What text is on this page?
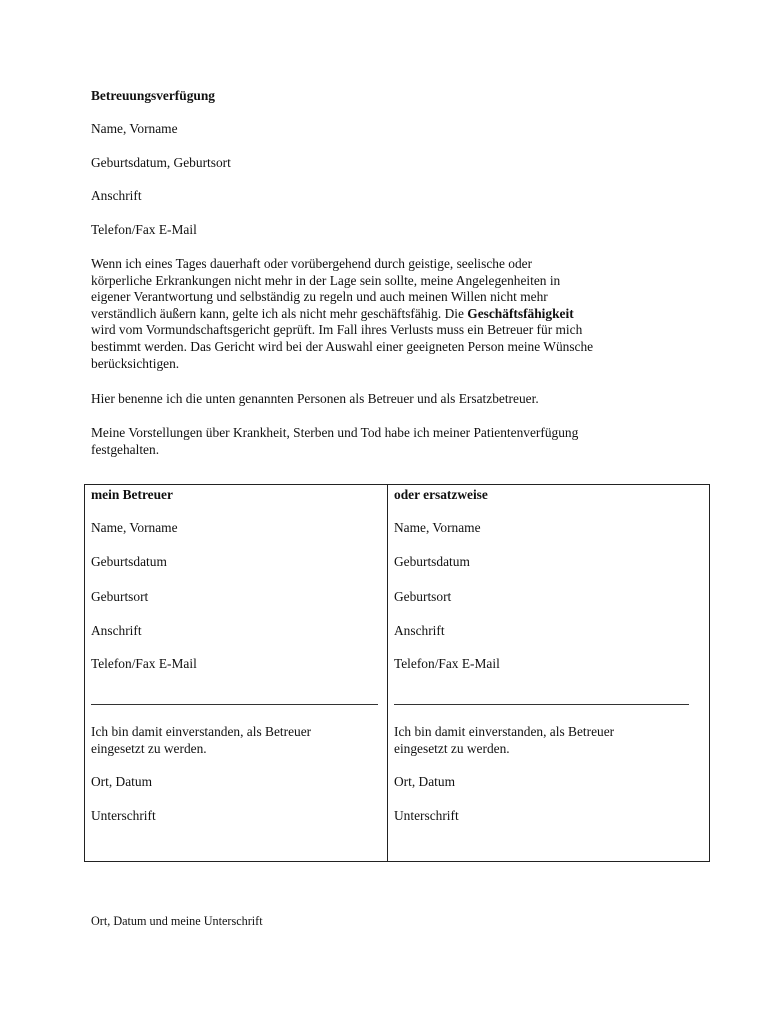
Betreuungsverfügung

Name, Vorname

Geburtsdatum, Geburtsort

Anschrift

Telefon/Fax E-Mail

Wenn ich eines Tages dauerhaft oder vorübergehend durch geistige, seelische oder
körperliche Erkrankungen nicht mehr in der Lage sein sollte, meine Angelegenheiten in
eigener Verantwortung und selbständig zu regeln und auch meinen Willen nicht mehr
verständlich äußern kann, gelte ich als nicht mehr geschäftsfähig. Die Geschäftsfähigkeit
wird vom Vormundschaftsgericht geprüft. Im Fall ihres Verlusts muss ein Betreuer für mich
bestimmt werden. Das Gericht wird bei der Auswahl einer geeigneten Person meine Wünsche
berücksichtigen.

Hier benenne ich die unten genannten Personen als Betreuer und als Ersatzbetreuer.

Meine Vorstellungen über Krankheit, Sterben und Tod habe ich meiner Patientenverfügung
festgehalten.

mein Betreuer

Name, Vorname

Geburtsdatum

Geburtsort

Anschrift

Telefon/Fax E-Mail

Ich bin damit einverstanden, als Betreuer
eingesetzt zu werden.

Ort, Datum

Unterschrift

oder ersatzweise

Name, Vorname

Geburtsdatum

Geburtsort

Anschrift

Telefon/Fax E-Mail

Ich bin damit einverstanden, als Betreuer
eingesetzt zu werden.

Ort, Datum

Unterschrift

Ort, Datum und meine Unterschrift
